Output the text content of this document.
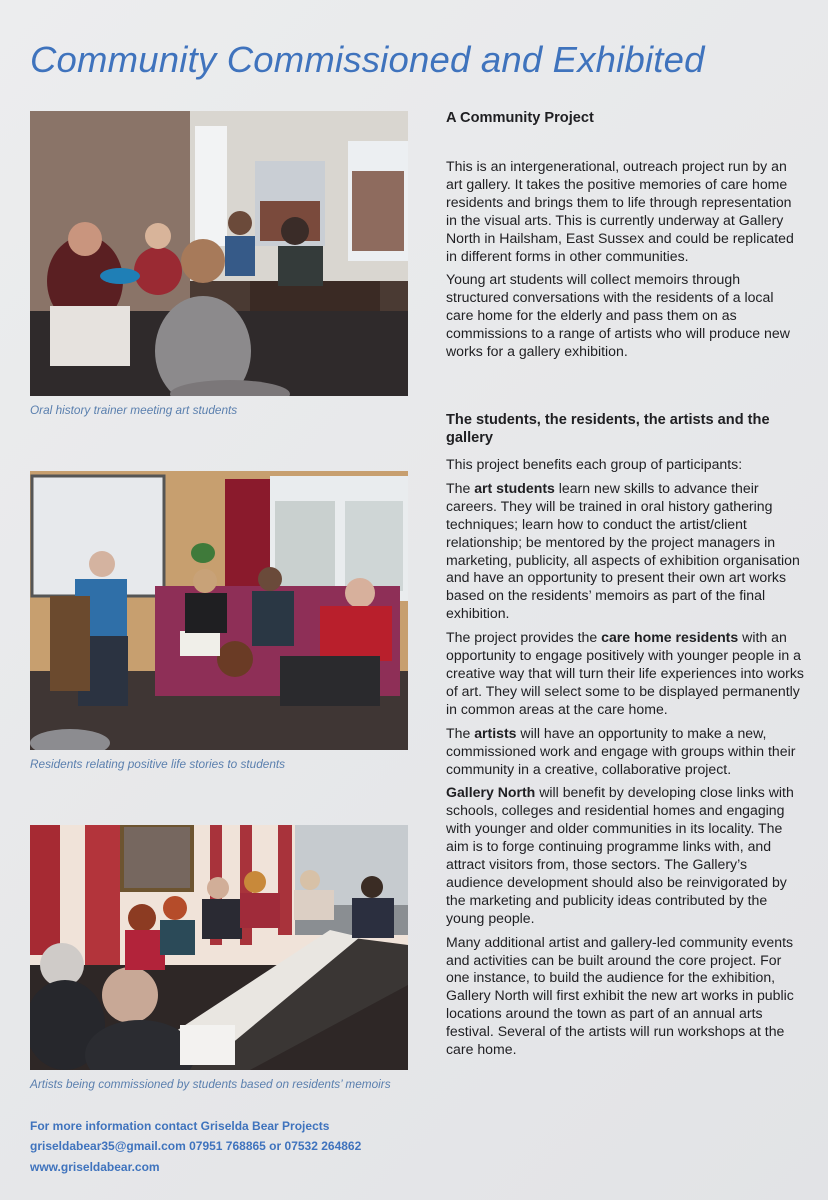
Community Commissioned and Exhibited
Oral history trainer meeting art students
Residents relating positive life stories to students
Artists being commissioned by students based on residents’ memoirs
For more information contact Griselda Bear Projects
griseldabear35@gmail.com 07951 768865 or 07532 264862
www.griseldabear.com
A Community Project

This is an intergenerational, outreach project run by an art gallery. It takes the positive memories of care home residents and brings them to life through representation in the visual arts. This is currently underway at Gallery North in Hailsham, East Sussex and could be replicated in different forms in other communities.

Young art students will collect memoirs through structured conversations with the residents of a local care home for the elderly and pass them on as commissions to a range of artists who will produce new works for a gallery exhibition.

The students, the residents, the artists and the gallery

This project benefits each group of participants:

The art students learn new skills to advance their careers. They will be trained in oral history gathering techniques; learn how to conduct the artist/client relationship; be mentored by the project managers in marketing, publicity, all aspects of exhibition organisation and have an opportunity to present their own art works based on the residents’ memoirs as part of the final exhibition.

The project provides the care home residents with an opportunity to engage positively with younger people in a creative way that will turn their life experiences into works of art. They will select some to be displayed permanently in common areas at the care home.

The artists will have an opportunity to make a new, commissioned work and engage with groups within their community in a creative, collaborative project.

Gallery North will benefit by developing close links with schools, colleges and residential homes and engaging with younger and older communities in its locality. The aim is to forge continuing programme links with, and attract visitors from, those sectors. The Gallery’s audience development should also be reinvigorated by the marketing and publicity ideas contributed by the young people.

Many additional artist and gallery-led community events and activities can be built around the core project. For one instance, to build the audience for the exhibition, Gallery North will first exhibit the new art works in public locations around the town as part of an annual arts festival. Several of the artists will run workshops at the care home.
